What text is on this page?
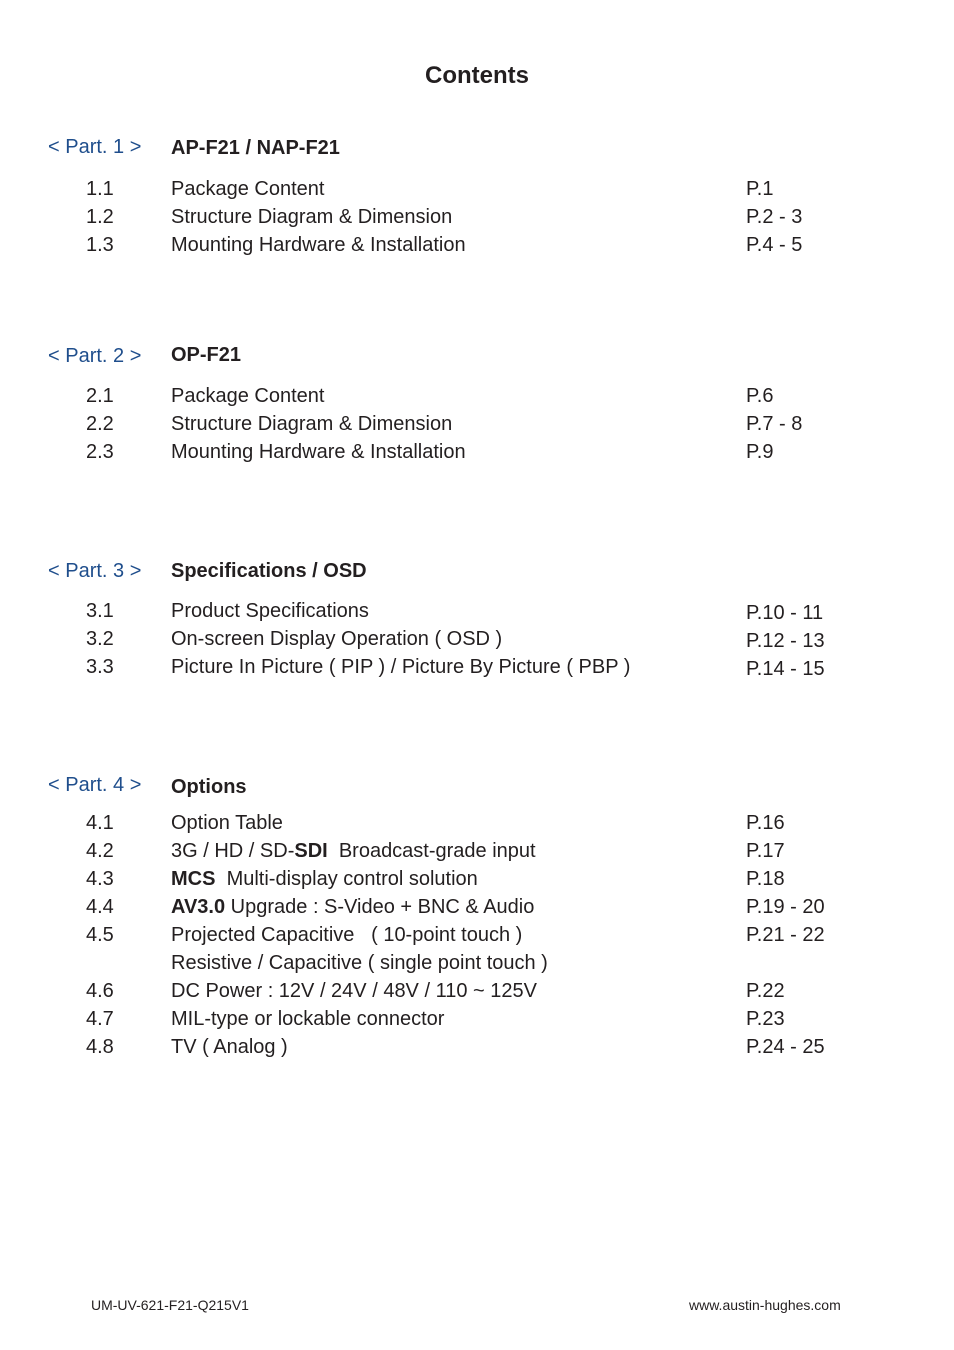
Contents
< Part. 1 > AP-F21 / NAP-F21
1.1	Package Content	P.1
1.2	Structure Diagram & Dimension	P.2 - 3
1.3	Mounting Hardware & Installation	P.4 - 5
< Part. 2 > OP-F21
2.1	Package Content	P.6
2.2	Structure Diagram & Dimension	P.7 - 8
2.3	Mounting Hardware & Installation	P.9
< Part. 3 > Specifications / OSD
3.1	Product Specifications	P.10 - 11
3.2	On-screen Display Operation ( OSD )	P.12 - 13
3.3	Picture In Picture ( PIP ) / Picture By Picture ( PBP )	P.14 - 15
< Part. 4 > Options
4.1	Option Table	P.16
4.2	3G / HD / SD-SDI  Broadcast-grade input	P.17
4.3	MCS  Multi-display control solution	P.18
4.4	AV3.0 Upgrade : S-Video + BNC & Audio	P.19 - 20
4.5	Projected Capacitive   ( 10-point touch )	P.21 - 22
Resistive / Capacitive ( single point touch )
4.6	DC Power : 12V / 24V / 48V / 110 ~ 125V	P.22
4.7	MIL-type or lockable connector	P.23
4.8	TV ( Analog )	P.24 - 25
UM-UV-621-F21-Q215V1	www.austin-hughes.com
